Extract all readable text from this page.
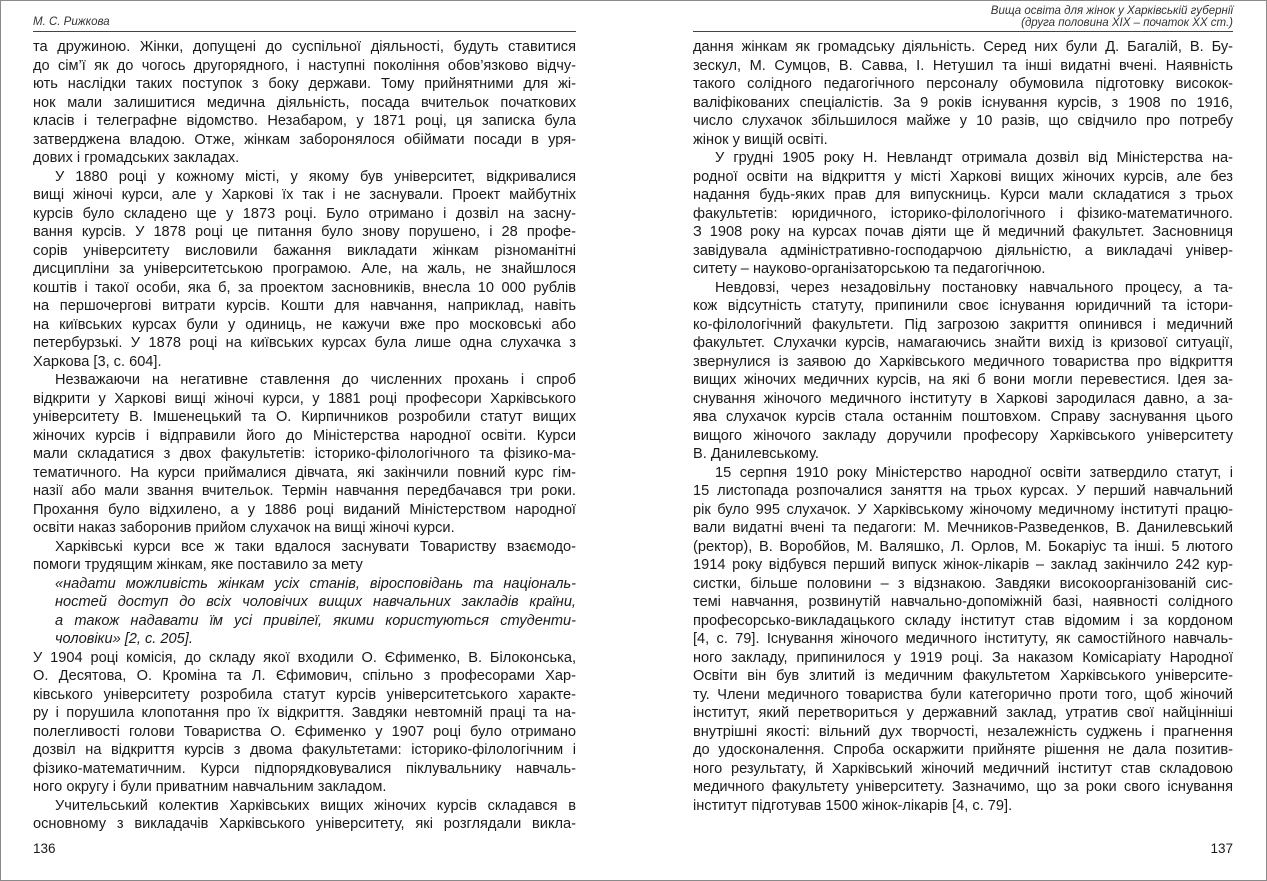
М. С. Рижкова
та дружиною. Жінки, допущені до суспільної діяльності, будуть ставитися
до сім’ї як до чогось другорядного, і наступні покоління обов’язково відчу-
ють наслідки таких поступок з боку держави. Тому прийнятними для жі-
нок мали залишитися медична діяльність, посада вчительок початкових
класів і телеграфне відомство. Незабаром, у 1871 році, ця записка була
затверджена владою. Отже, жінкам заборонялося обіймати посади в уря-
дових і громадських закладах.
У 1880 році у кожному місті, у якому був університет, відкривалися
вищі жіночі курси, але у Харкові їх так і не заснували. Проект майбутніх
курсів було складено ще у 1873 році. Було отримано і дозвіл на засну-
вання курсів. У 1878 році це питання було знову порушено, і 28 профе-
сорів університету висловили бажання викладати жінкам різноманітні
дисципліни за університетською програмою. Але, на жаль, не знайшлося
коштів і такої особи, яка б, за проектом засновників, внесла 10 000 рублів
на першочергові витрати курсів. Кошти для навчання, наприклад, навіть
на київських курсах були у одиниць, не кажучи вже про московські або
петербурзькі. У 1878 році на київських курсах була лише одна слухачка з
Харкова [3, с. 604].
Незважаючи на негативне ставлення до численних прохань і спроб
відкрити у Харкові вищі жіночі курси, у 1881 році професори Харківського
університету В. Імшенецький та О. Кирпичников розробили статут вищих
жіночих курсів і відправили його до Міністерства народної освіти. Курси
мали складатися з двох факультетів: історико-філологічного та фізико-ма-
тематичного. На курси приймалися дівчата, які закінчили повний курс гім-
назії або мали звання вчительок. Термін навчання передбачався три роки.
Прохання було відхилено, а у 1886 році виданий Міністерством народної
освіти наказ заборонив прийом слухачок на вищі жіночі курси.
Харківські курси все ж таки вдалося заснувати Товариству взаємодо-
помоги трудящим жінкам, яке поставило за мету
«надати можливість жінкам усіх станів, віросповідань та національ-
ностей доступ до всіх чоловічих вищих навчальних закладів країни,
а також надавати їм усі привілеї, якими користуються студенти-
чоловіки» [2, с. 205].
У 1904 році комісія, до складу якої входили О. Єфименко, В. Білоконська,
О. Десятова, О. Кроміна та Л. Єфимович, спільно з професорами Хар-
ківського університету розробила статут курсів університетського характе-
ру і порушила клопотання про їх відкриття. Завдяки невтомній праці та на-
полегливості голови Товариства О. Єфименко у 1907 році було отримано
дозвіл на відкриття курсів з двома факультетами: історико-філологічним і
фізико-математичним. Курси підпорядковувалися піклувальнику навчаль-
ного округу і були приватним навчальним закладом.
Учительський колектив Харківських вищих жіночих курсів складався в
основному з викладачів Харківського університету, які розглядали викла-
136
Вища освіта для жінок у Харківській губернії
(друга половина XIX – початок XX ст.)
дання жінкам як громадську діяльність. Серед них були Д. Багалій, В. Бу-
зескул, М. Сумцов, В. Савва, І. Нетушил та інші видатні вчені. Наявність
такого солідного педагогічного персоналу обумовила підготовку високок-
валіфікованих спеціалістів. За 9 років існування курсів, з 1908 по 1916,
число слухачок збільшилося майже у 10 разів, що свідчило про потребу
жінок у вищій освіті.
У грудні 1905 року Н. Невландт отримала дозвіл від Міністерства на-
родної освіти на відкриття у місті Харкові вищих жіночих курсів, але без
надання будь-яких прав для випускниць. Курси мали складатися з трьох
факультетів: юридичного, історико-філологічного і фізико-математичного.
З 1908 року на курсах почав діяти ще й медичний факультет. Засновниця
завідувала адміністративно-господарчою діяльністю, а викладачі універ-
ситету – науково-організаторською та педагогічною.
Невдовзі, через незадовільну постановку навчального процесу, а та-
кож відсутність статуту, припинили своє існування юридичний та істори-
ко-філологічний факультети. Під загрозою закриття опинився і медичний
факультет. Слухачки курсів, намагаючись знайти вихід із кризової ситуації,
звернулися із заявою до Харківського медичного товариства про відкриття
вищих жіночих медичних курсів, на які б вони могли перевестися. Ідея за-
снування жіночого медичного інституту в Харкові зародилася давно, а за-
ява слухачок курсів стала останнім поштовхом. Справу заснування цього
вищого жіночого закладу доручили професору Харківського університету
В. Данилевському.
15 серпня 1910 року Міністерство народної освіти затвердило статут, і
15 листопада розпочалися заняття на трьох курсах. У перший навчальний
рік було 995 слухачок. У Харківському жіночому медичному інституті працю-
вали видатні вчені та педагоги: М. Мечников-Разведенков, В. Данилевський
(ректор), В. Воробйов, М. Валяшко, Л. Орлов, М. Бокаріус та інші. 5 лютого
1914 року відбувся перший випуск жінок-лікарів – заклад закінчило 242 кур-
систки, більше половини – з відзнакою. Завдяки високоорганізованій сис-
темі навчання, розвинутій навчально-допоміжній базі, наявності солідного
професорсько-викладацького складу інститут став відомим і за кордоном
[4, с. 79]. Існування жіночого медичного інституту, як самостійного навчаль-
ного закладу, припинилося у 1919 році. За наказом Комісаріату Народної
Освіти він був злитий із медичним факультетом Харківського університе-
ту. Члени медичного товариства були категорично проти того, щоб жіночий
інститут, який перетвориться у державний заклад, утратив свої найцінніші
внутрішні якості: вільний дух творчості, незалежність суджень і прагнення
до удосконалення. Спроба оскаржити прийняте рішення не дала позитив-
ного результату, й Харківський жіночий медичний інститут став складовою
медичного факультету університету. Зазначимо, що за роки свого існування
інститут підготував 1500 жінок-лікарів [4, с. 79].
137
